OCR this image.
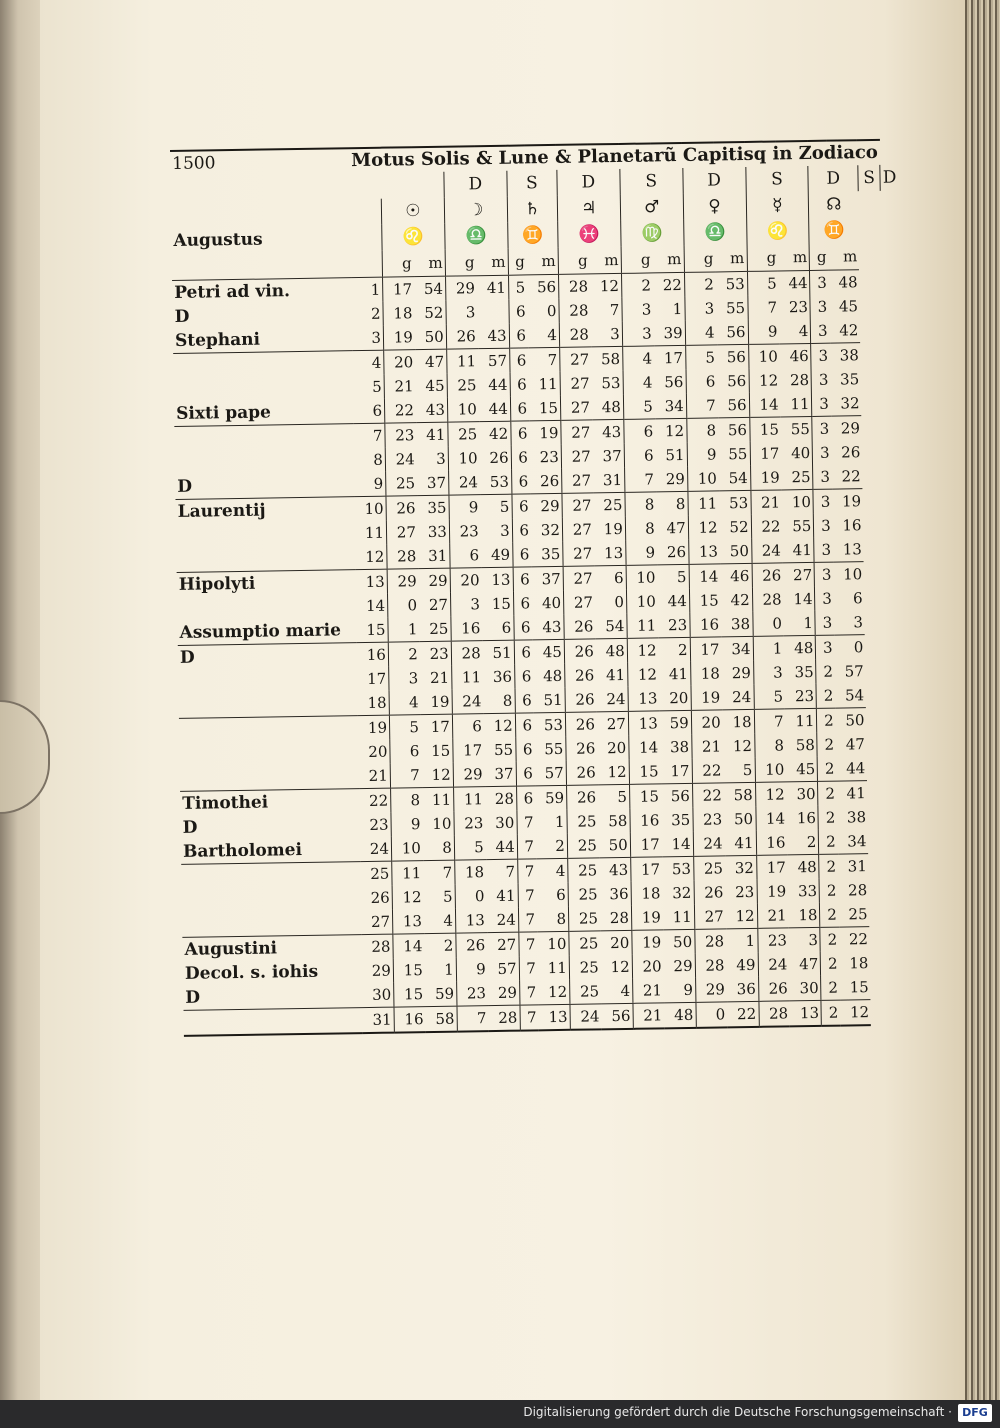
1500	Motus Solis & Lune & Planetarũ Capitisq in Zodiaco																		
				D		S		D		S		D		S		D		S	D
		☉		☽		♄		♃		♂		♀		☿		☊			
Augustus		♌		♎		♊		♓		♍		♎		♌		♊			
		g	m	g	m	g	m	g	m	g	m	g	m	g	m	g	m		
Petri ad vin.	1	17	54	29	41	5	56	28	12	2	22	2	53	5	44	3	48		
D	2	18	52	3		6	0	28	7	3	1	3	55	7	23	3	45		
Stephani	3	19	50	26	43	6	4	28	3	3	39	4	56	9	4	3	42		
	4	20	47	11	57	6	7	27	58	4	17	5	56	10	46	3	38		
	5	21	45	25	44	6	11	27	53	4	56	6	56	12	28	3	35		
Sixti pape	6	22	43	10	44	6	15	27	48	5	34	7	56	14	11	3	32		
	7	23	41	25	42	6	19	27	43	6	12	8	56	15	55	3	29		
	8	24	3	10	26	6	23	27	37	6	51	9	55	17	40	3	26		
D	9	25	37	24	53	6	26	27	31	7	29	10	54	19	25	3	22		
Laurentij	10	26	35	9	5	6	29	27	25	8	8	11	53	21	10	3	19		
	11	27	33	23	3	6	32	27	19	8	47	12	52	22	55	3	16		
	12	28	31	6	49	6	35	27	13	9	26	13	50	24	41	3	13		
Hipolyti	13	29	29	20	13	6	37	27	6	10	5	14	46	26	27	3	10		
	14	0	27	3	15	6	40	27	0	10	44	15	42	28	14	3	6		
Assumptio marie	15	1	25	16	6	6	43	26	54	11	23	16	38	0	1	3	3		
D	16	2	23	28	51	6	45	26	48	12	2	17	34	1	48	3	0		
	17	3	21	11	36	6	48	26	41	12	41	18	29	3	35	2	57		
	18	4	19	24	8	6	51	26	24	13	20	19	24	5	23	2	54		
	19	5	17	6	12	6	53	26	27	13	59	20	18	7	11	2	50		
	20	6	15	17	55	6	55	26	20	14	38	21	12	8	58	2	47		
	21	7	12	29	37	6	57	26	12	15	17	22	5	10	45	2	44		
Timothei	22	8	11	11	28	6	59	26	5	15	56	22	58	12	30	2	41		
D	23	9	10	23	30	7	1	25	58	16	35	23	50	14	16	2	38		
Bartholomei	24	10	8	5	44	7	2	25	50	17	14	24	41	16	2	2	34		
	25	11	7	18	7	7	4	25	43	17	53	25	32	17	48	2	31		
	26	12	5	0	41	7	6	25	36	18	32	26	23	19	33	2	28		
	27	13	4	13	24	7	8	25	28	19	11	27	12	21	18	2	25		
Augustini	28	14	2	26	27	7	10	25	20	19	50	28	1	23	3	2	22		
Decol. s. iohis	29	15	1	9	57	7	11	25	12	20	29	28	49	24	47	2	18		
D	30	15	59	23	29	7	12	25	4	21	9	29	36	26	30	2	15		
	31	16	58	7	28	7	13	24	56	21	48	0	22	28	13	2	12		
Digitalisierung gefördert durch die Deutsche Forschungsgemeinschaft · DFG
